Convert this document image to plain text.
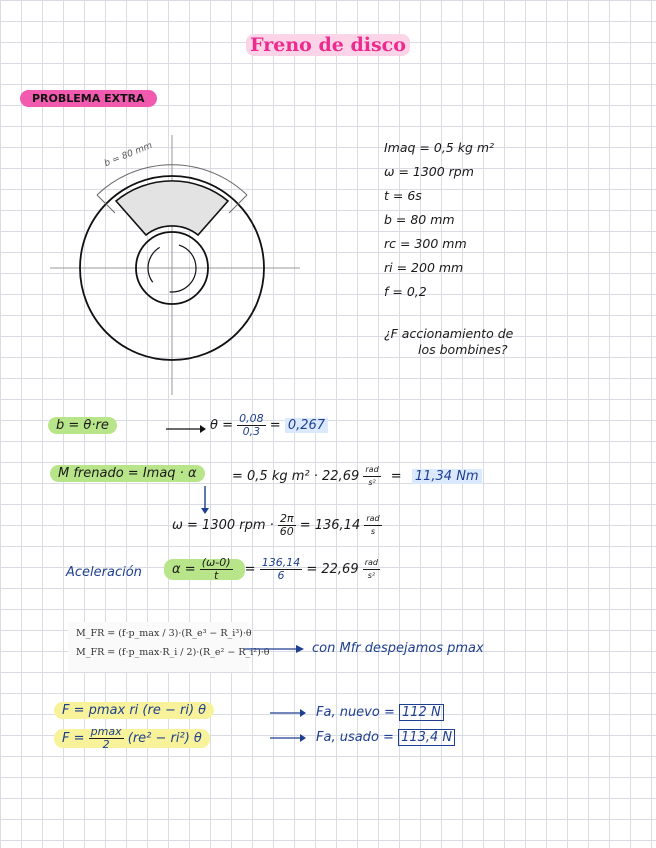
Freno de disco
PROBLEMA EXTRA
b = 80 mm	Imaq = 0,5 kg m²
ω = 1300 rpm
t = 6s
b = 80 mm
rc = 300 mm
ri = 200 mm
f = 0,2
¿F accionamiento de
los bombines?
b = θ·re	$\theta = \frac{0,08}{0,3} = 0,267$
M frenado = Imaq · α	= 0,5 kg $m^2 \cdot 22,69 \frac{\text{rad}}{\text{s²}} = 11,34$ Nm
ω = 1300 rpm · $\frac{2\pi}{60} = 136,14 \frac{\text{rad}}{s}$
Aceleración	$\alpha = \frac{(\omega-0)}{t} = \frac{136,14}{6} = 22,69 \frac{\text{rad}}{\text{s²}}$
M_FR = (f·p_max / 3)·(R_e³ − R_i³)·θ
M_FR = (f·p_max·R_i / 2)·(R_e² − R_i²)·θ	con Mfr despejamos pmax
F = pmax ri (re − ri) θ	Fa, nuevo = 112 N
$F = \frac{pmax}{2} (re^2 - ri^2)$ θ	Fa, usado = 113,4 N
